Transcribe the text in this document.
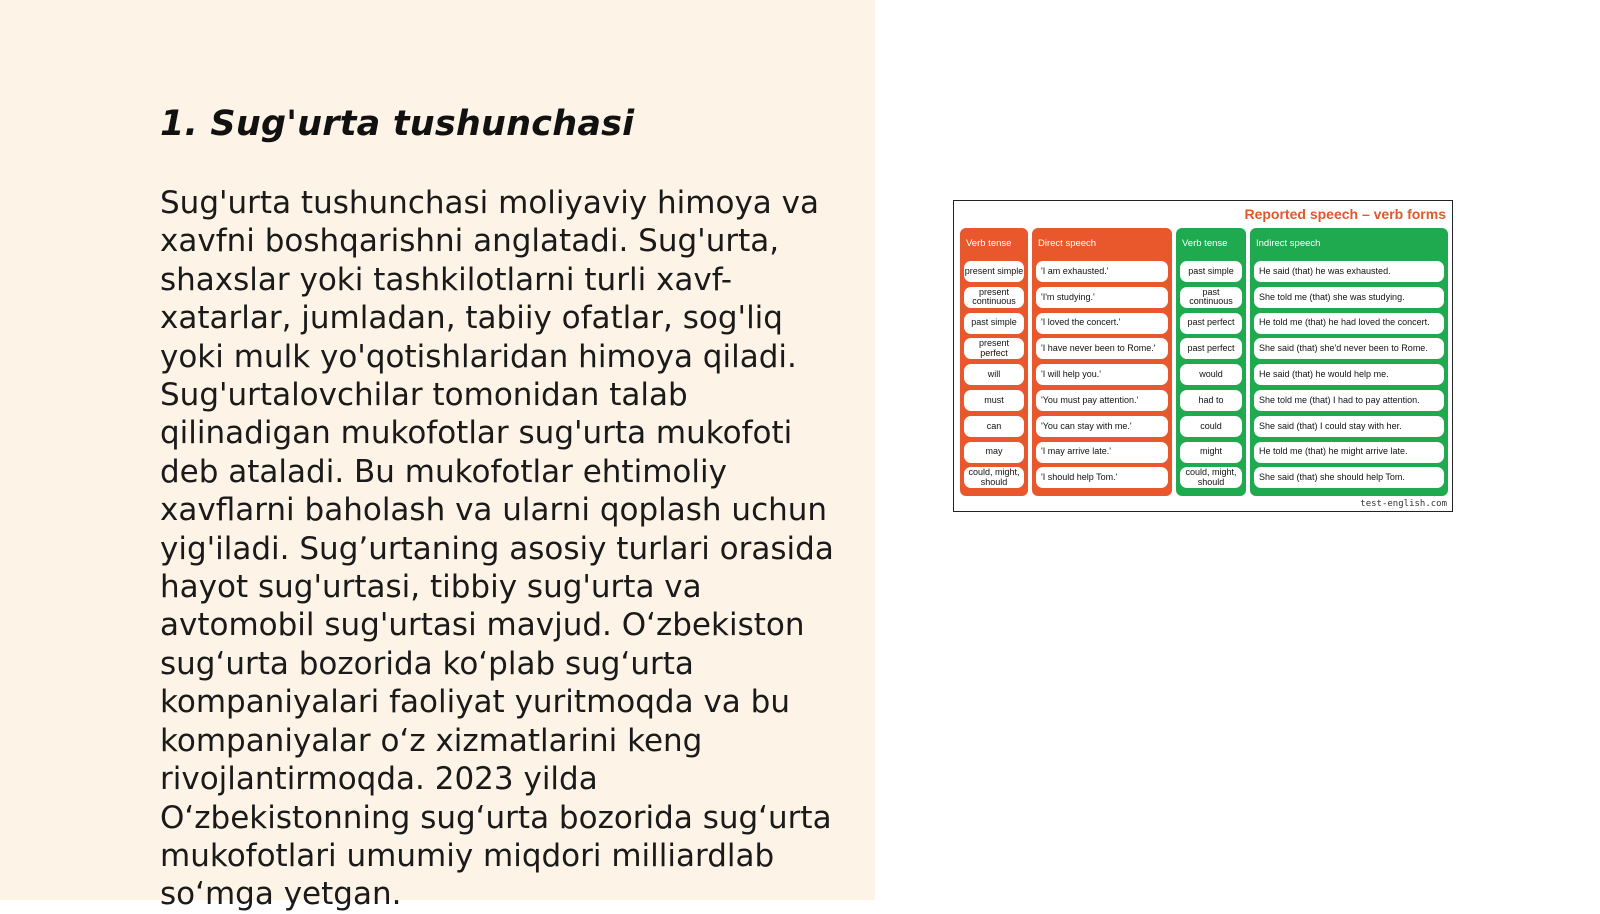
1. Sug'urta tushunchasi

Sug'urta tushunchasi moliyaviy himoya va xavfni boshqarishni anglatadi. Sug'urta, shaxslar yoki tashkilotlarni turli xavf-xatarlar, jumladan, tabiiy ofatlar, sog'liq yoki mulk yo'qotishlaridan himoya qiladi. Sug'urtalovchilar tomonidan talab qilinadigan mukofotlar sug'urta mukofoti deb ataladi. Bu mukofotlar ehtimoliy xavflarni baholash va ularni qoplash uchun yig'iladi. Sug’urtaning asosiy turlari orasida hayot sug'urtasi, tibbiy sug'urta va avtomobil sug'urtasi mavjud. O‘zbekiston sug‘urta bozorida ko‘plab sug‘urta kompaniyalari faoliyat yuritmoqda va bu kompaniyalar o‘z xizmatlarini keng rivojlantirmoqda. 2023 yilda O‘zbekistonning sug‘urta bozorida sug‘urta mukofotlari umumiy miqdori milliardlab so‘mga yetgan.

Reported speech – verb forms
Verb tense	Direct speech	Verb tense	Indirect speech
present simple	'I am exhausted.'	past simple	He said (that) he was exhausted.
present continuous	'I'm studying.'	past continuous	She told me (that) she was studying.
past simple	'I loved the concert.'	past perfect	He told me (that) he had loved the concert.
present perfect	'I have never been to Rome.'	past perfect	She said (that) she'd never been to Rome.
will	'I will help you.'	would	He said (that) he would help me.
must	'You must pay attention.'	had to	She told me (that) I had to pay attention.
can	'You can stay with me.'	could	She said (that) I could stay with her.
may	'I may arrive late.'	might	He told me (that) he might arrive late.
could, might, should	'I should help Tom.'	could, might, should	She said (that) she should help Tom.
test-english.com
